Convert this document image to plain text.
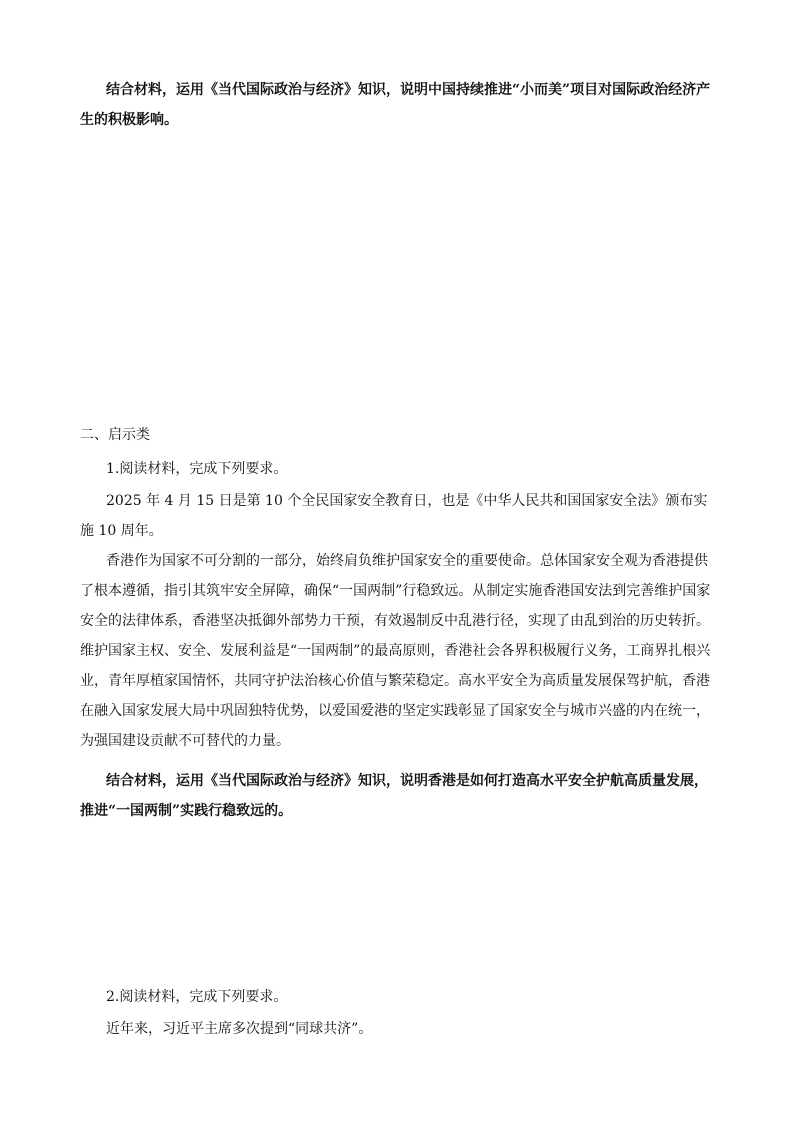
结合材料，运用《当代国际政治与经济》知识，说明中国持续推进“小而美”项目对国际政治经济产生的积极影响。

二、启示类

1.阅读材料，完成下列要求。

2025 年 4 月 15 日是第 10 个全民国家安全教育日，也是《中华人民共和国国家安全法》颁布实施 10 周年。

香港作为国家不可分割的一部分，始终肩负维护国家安全的重要使命。总体国家安全观为香港提供了根本遵循，指引其筑牢安全屏障，确保“一国两制”行稳致远。从制定实施香港国安法到完善维护国家安全的法律体系，香港坚决抵御外部势力干预，有效遏制反中乱港行径，实现了由乱到治的历史转折。维护国家主权、安全、发展利益是“一国两制”的最高原则，香港社会各界积极履行义务，工商界扎根兴业，青年厚植家国情怀，共同守护法治核心价值与繁荣稳定。高水平安全为高质量发展保驾护航，香港在融入国家发展大局中巩固独特优势，以爱国爱港的坚定实践彰显了国家安全与城市兴盛的内在统一，为强国建设贡献不可替代的力量。

结合材料，运用《当代国际政治与经济》知识，说明香港是如何打造高水平安全护航高质量发展，推进“一国两制”实践行稳致远的。

2.阅读材料，完成下列要求。

近年来，习近平主席多次提到“同球共济”。
